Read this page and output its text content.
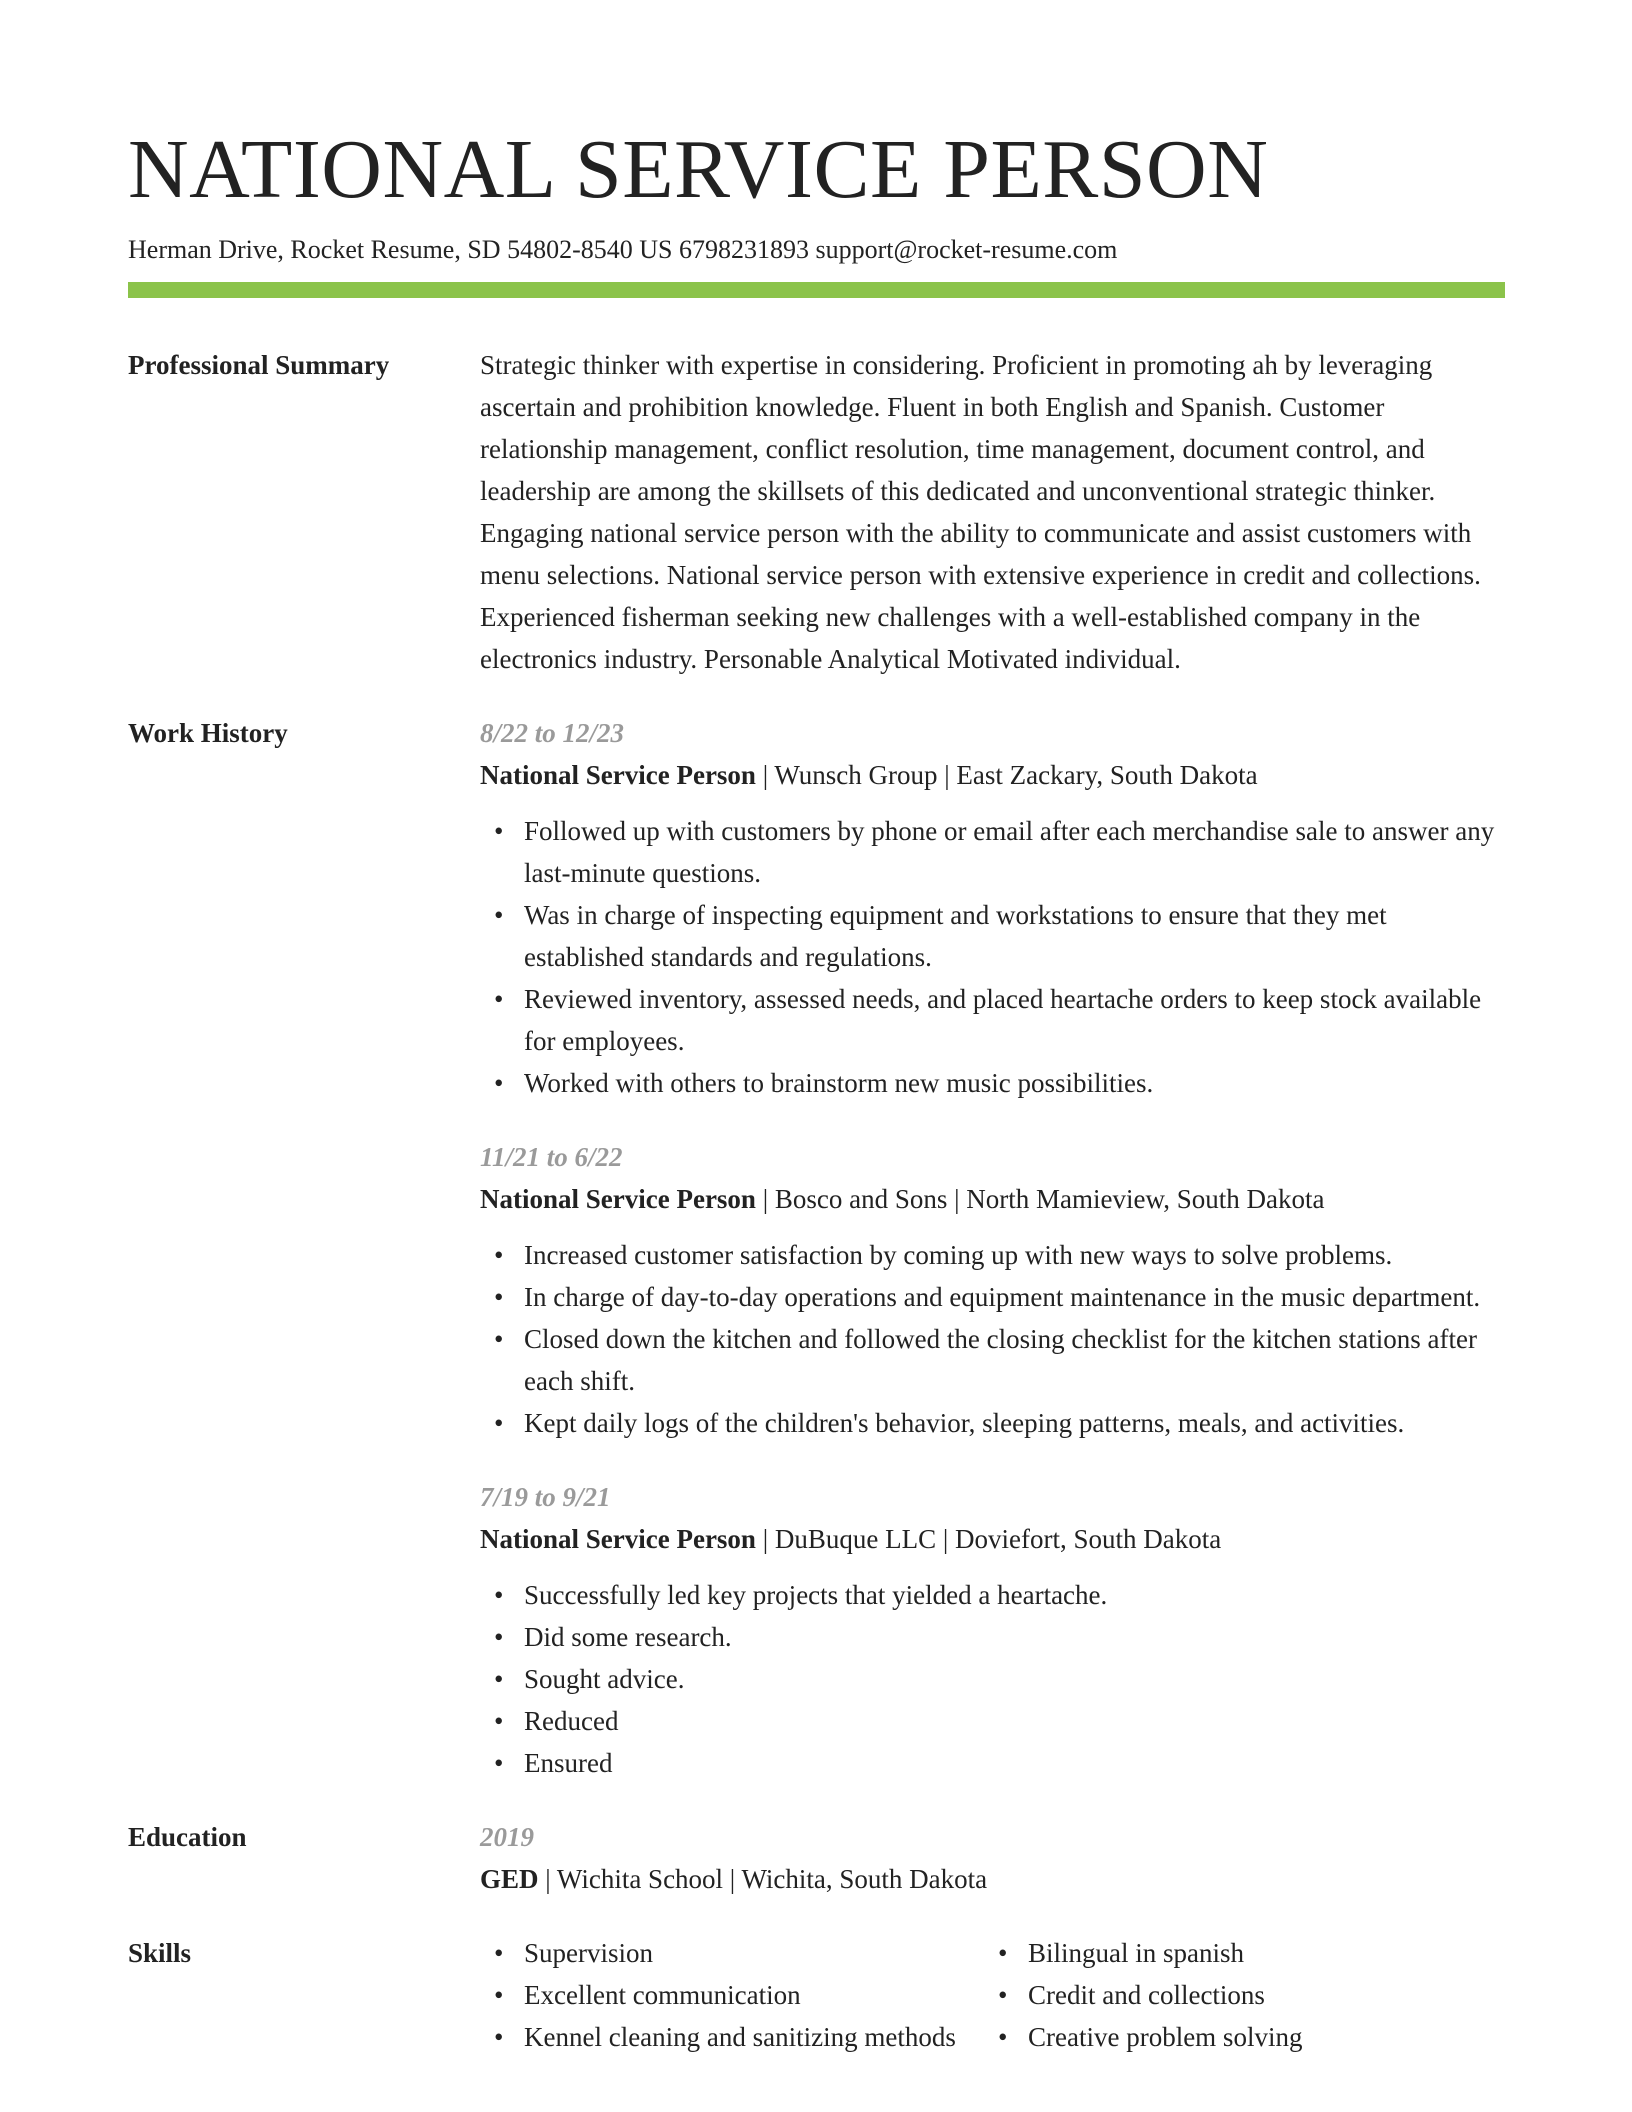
NATIONAL SERVICE PERSON
Herman Drive, Rocket Resume, SD 54802-8540 US 6798231893 support@rocket-resume.com
Professional Summary	Strategic thinker with expertise in considering. Proficient in promoting ah by leveraging ascertain and prohibition knowledge. Fluent in both English and Spanish. Customer relationship management, conflict resolution, time management, document control, and leadership are among the skillsets of this dedicated and unconventional strategic thinker. Engaging national service person with the ability to communicate and assist customers with menu selections. National service person with extensive experience in credit and collections. Experienced fisherman seeking new challenges with a well-established company in the electronics industry. Personable Analytical Motivated individual.

Work History	8/22 to 12/23
National Service Person | Wunsch Group | East Zackary, South Dakota
• Followed up with customers by phone or email after each merchandise sale to answer any last-minute questions.
• Was in charge of inspecting equipment and workstations to ensure that they met established standards and regulations.
• Reviewed inventory, assessed needs, and placed heartache orders to keep stock available for employees.
• Worked with others to brainstorm new music possibilities.
11/21 to 6/22
National Service Person | Bosco and Sons | North Mamieview, South Dakota
• Increased customer satisfaction by coming up with new ways to solve problems.
• In charge of day-to-day operations and equipment maintenance in the music department.
• Closed down the kitchen and followed the closing checklist for the kitchen stations after each shift.
• Kept daily logs of the children's behavior, sleeping patterns, meals, and activities.
7/19 to 9/21
National Service Person | DuBuque LLC | Doviefort, South Dakota
• Successfully led key projects that yielded a heartache.
• Did some research.
• Sought advice.
• Reduced
• Ensured
Education	2019
GED | Wichita School | Wichita, South Dakota
Skills
•	Supervision
• Excellent communication
• Kennel cleaning and sanitizing methods
• Bilingual in spanish
• Credit and collections
• Creative problem solving
